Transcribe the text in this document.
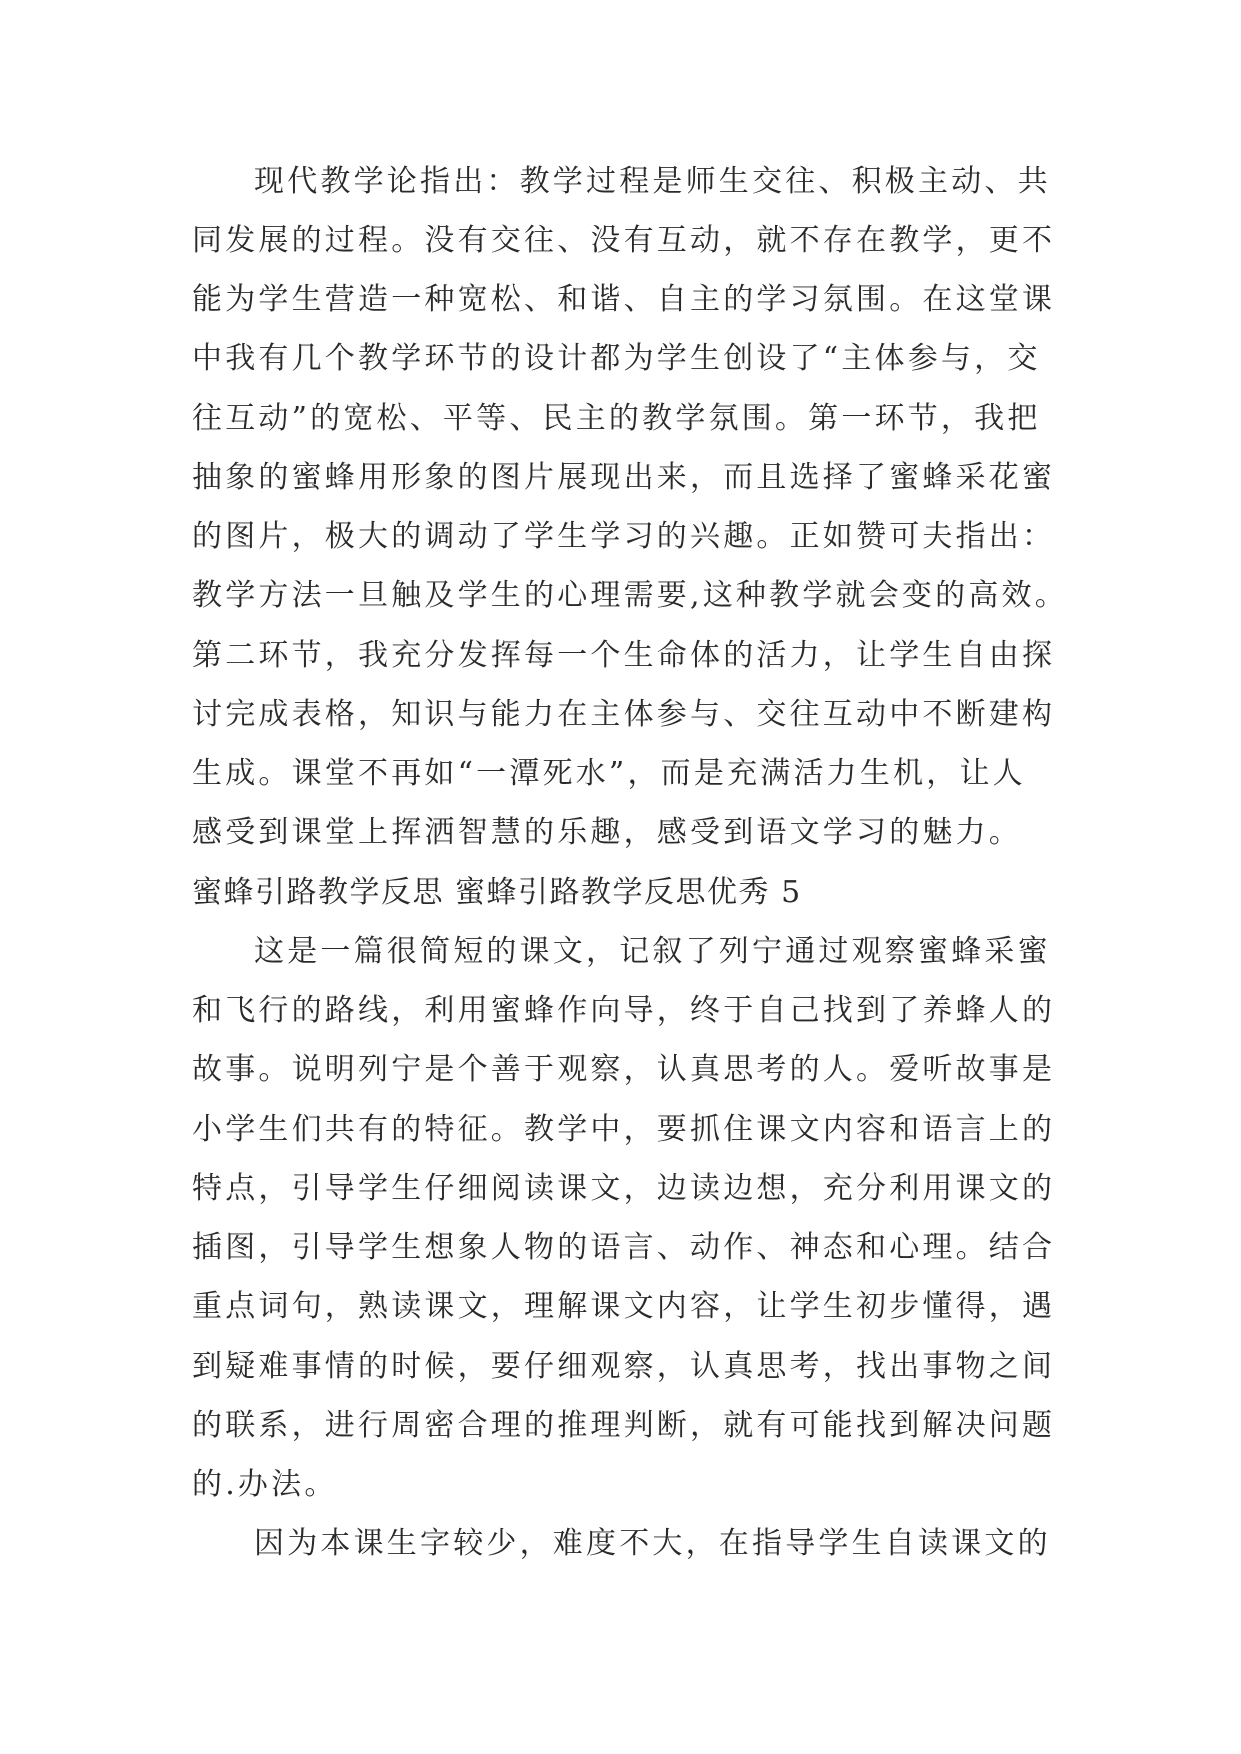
现代教学论指出：教学过程是师生交往、积极主动、共
同发展的过程。没有交往、没有互动，就不存在教学，更不
能为学生营造一种宽松、和谐、自主的学习氛围。在这堂课
中我有几个教学环节的设计都为学生创设了“主体参与，交
往互动”的宽松、平等、民主的教学氛围。第一环节，我把
抽象的蜜蜂用形象的图片展现出来，而且选择了蜜蜂采花蜜
的图片，极大的调动了学生学习的兴趣。正如赞可夫指出：
教学方法一旦触及学生的心理需要,这种教学就会变的高效。
第二环节，我充分发挥每一个生命体的活力，让学生自由探
讨完成表格，知识与能力在主体参与、交往互动中不断建构
生成。课堂不再如“一潭死水”，而是充满活力生机，让人
感受到课堂上挥洒智慧的乐趣，感受到语文学习的魅力。
蜜蜂引路教学反思 蜜蜂引路教学反思优秀 5
这是一篇很简短的课文，记叙了列宁通过观察蜜蜂采蜜
和飞行的路线，利用蜜蜂作向导，终于自己找到了养蜂人的
故事。说明列宁是个善于观察，认真思考的人。爱听故事是
小学生们共有的特征。教学中，要抓住课文内容和语言上的
特点，引导学生仔细阅读课文，边读边想，充分利用课文的
插图，引导学生想象人物的语言、动作、神态和心理。结合
重点词句，熟读课文，理解课文内容，让学生初步懂得，遇
到疑难事情的时候，要仔细观察，认真思考，找出事物之间
的联系，进行周密合理的推理判断，就有可能找到解决问题
的.办法。
因为本课生字较少，难度不大，在指导学生自读课文的
